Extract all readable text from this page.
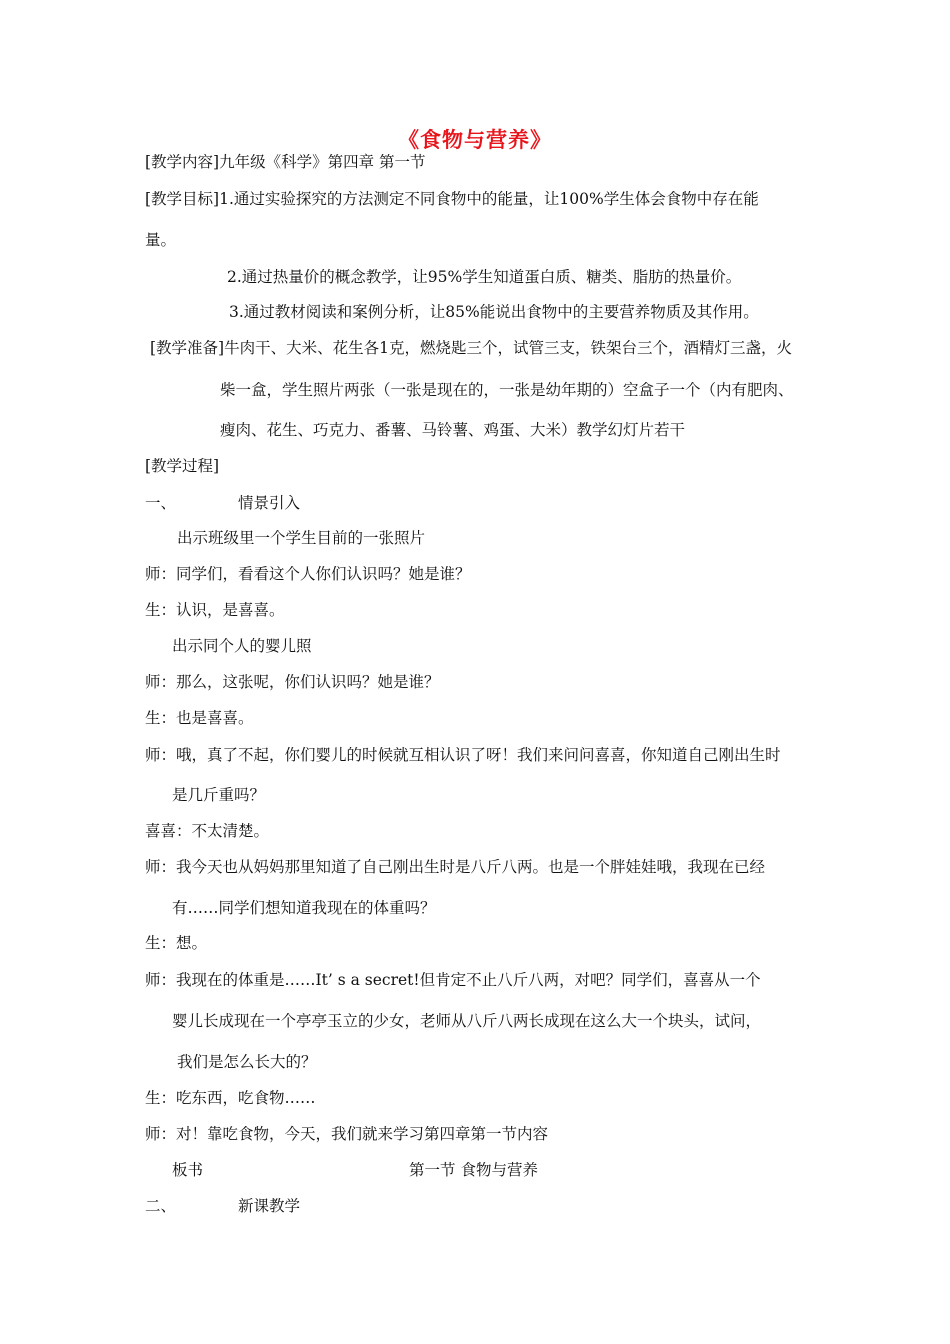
《食物与营养》
[教学内容]九年级《科学》第四章 第一节
[教学目标]1.通过实验探究的方法测定不同食物中的能量，让100%学生体会食物中存在能
量。
2.通过热量价的概念教学，让95%学生知道蛋白质、糖类、脂肪的热量价。
3.通过教材阅读和案例分析，让85%能说出食物中的主要营养物质及其作用。
[教学准备]牛肉干、大米、花生各1克，燃烧匙三个，试管三支，铁架台三个，酒精灯三盏，火
柴一盒，学生照片两张（一张是现在的，一张是幼年期的）空盒子一个（内有肥肉、
瘦肉、花生、巧克力、番薯、马铃薯、鸡蛋、大米）教学幻灯片若干
[教学过程]
一、	情景引入
出示班级里一个学生目前的一张照片
师：同学们，看看这个人你们认识吗？她是谁？
生：认识，是喜喜。
出示同个人的婴儿照
师：那么，这张呢，你们认识吗？她是谁？
生：也是喜喜。
师：哦，真了不起，你们婴儿的时候就互相认识了呀！我们来问问喜喜，你知道自己刚出生时
是几斤重吗？
喜喜：不太清楚。
师：我今天也从妈妈那里知道了自己刚出生时是八斤八两。也是一个胖娃娃哦，我现在已经
有……同学们想知道我现在的体重吗？
生：想。
师：我现在的体重是……It’ s a secret!但肯定不止八斤八两，对吧？同学们，喜喜从一个
婴儿长成现在一个亭亭玉立的少女，老师从八斤八两长成现在这么大一个块头，试问，
我们是怎么长大的？
生：吃东西，吃食物……
师：对！靠吃食物，今天，我们就来学习第四章第一节内容
板书	第一节 食物与营养
二、	新课教学
